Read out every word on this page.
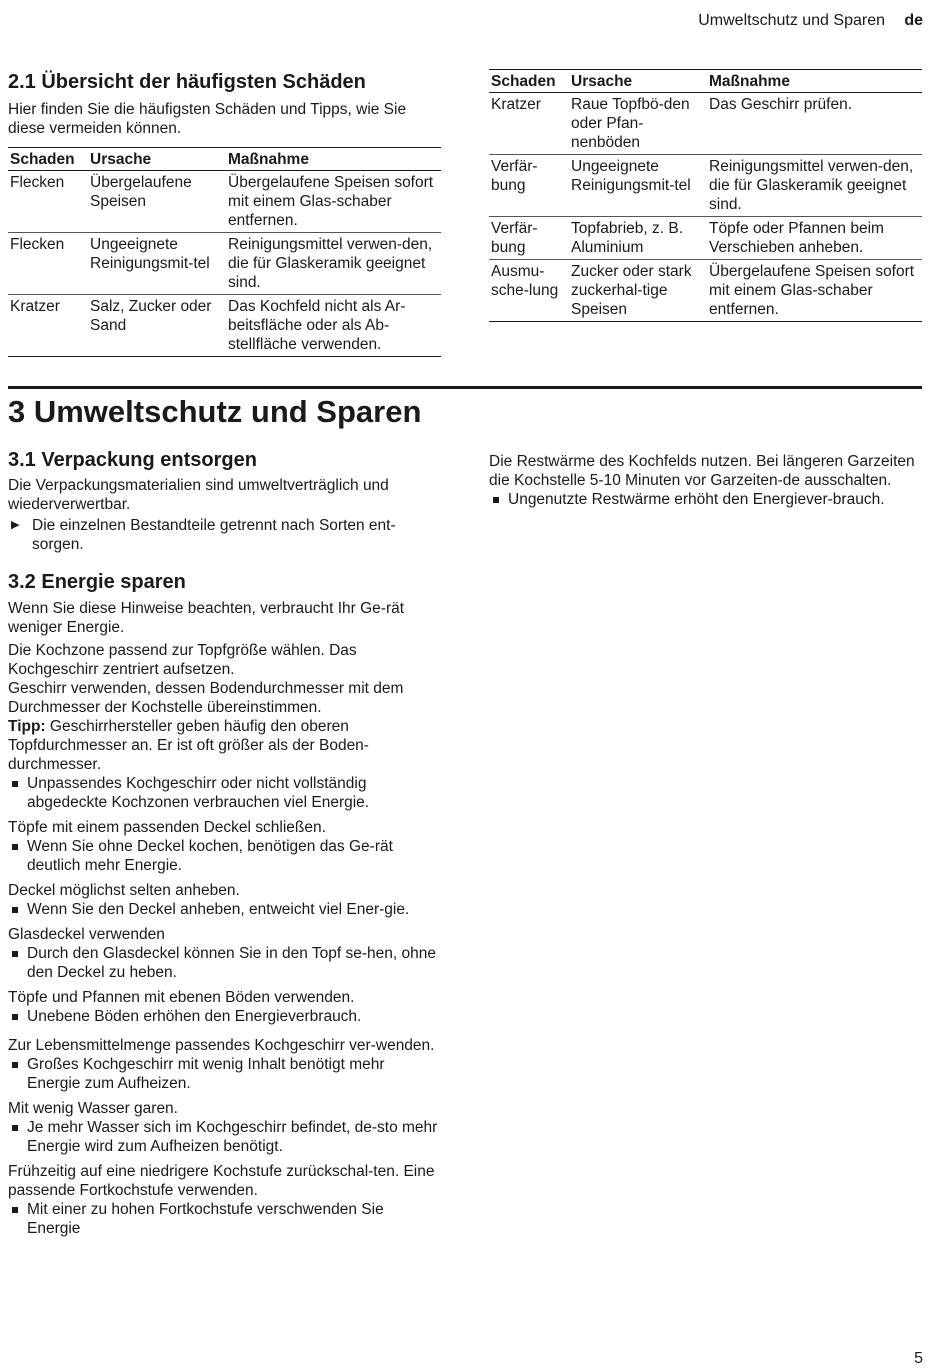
Umweltschutz und Sparen de
2.1 Übersicht der häufigsten Schäden

Hier finden Sie die häufigsten Schäden und Tipps, wie Sie diese vermeiden können.

Schaden	Ursache	Maßnahme
Flecken	Übergelaufene Speisen	Übergelaufene Speisen sofort mit einem Glas-schaber entfernen.
Flecken	Ungeeignete Reinigungsmit-tel	Reinigungsmittel verwen-den, die für Glaskeramik geeignet sind.
Kratzer	Salz, Zucker oder Sand	Das Kochfeld nicht als Ar-beitsfläche oder als Ab-stellfläche verwenden.
Schaden	Ursache	Maßnahme
Kratzer	Raue Topfbö-den oder Pfan-nenböden	Das Geschirr prüfen.
Verfär-bung	Ungeeignete Reinigungsmit-tel	Reinigungsmittel verwen-den, die für Glaskeramik geeignet sind.
Verfär-bung	Topfabrieb, z. B. Aluminium	Töpfe oder Pfannen beim Verschieben anheben.
Ausmu-sche-lung	Zucker oder stark zuckerhal-tige Speisen	Übergelaufene Speisen sofort mit einem Glas-schaber entfernen.
3 Umweltschutz und Sparen
3.1 Verpackung entsorgen

Die Verpackungsmaterialien sind umweltverträglich und wiederverwertbar.

▶ Die einzelnen Bestandteile getrennt nach Sorten ent-sorgen.
3.2 Energie sparen

Wenn Sie diese Hinweise beachten, verbraucht Ihr Ge-rät weniger Energie.

Die Kochzone passend zur Topfgröße wählen. Das Kochgeschirr zentriert aufsetzen.

Geschirr verwenden, dessen Bodendurchmesser mit dem Durchmesser der Kochstelle übereinstimmen.

Tipp: Geschirrhersteller geben häufig den oberen Topfdurchmesser an. Er ist oft größer als der Boden-durchmesser.

Unpassendes Kochgeschirr oder nicht vollständig abgedeckte Kochzonen verbrauchen viel Energie.

Töpfe mit einem passenden Deckel schließen.

Wenn Sie ohne Deckel kochen, benötigen das Ge-rät deutlich mehr Energie.

Deckel möglichst selten anheben.

Wenn Sie den Deckel anheben, entweicht viel Ener-gie.

Glasdeckel verwenden

Durch den Glasdeckel können Sie in den Topf se-hen, ohne den Deckel zu heben.

Töpfe und Pfannen mit ebenen Böden verwenden.

Unebene Böden erhöhen den Energieverbrauch.

Zur Lebensmittelmenge passendes Kochgeschirr ver-wenden.

Großes Kochgeschirr mit wenig Inhalt benötigt mehr Energie zum Aufheizen.

Mit wenig Wasser garen.

Je mehr Wasser sich im Kochgeschirr befindet, de-sto mehr Energie wird zum Aufheizen benötigt.

Frühzeitig auf eine niedrigere Kochstufe zurückschal-ten. Eine passende Fortkochstufe verwenden.

Mit einer zu hohen Fortkochstufe verschwenden Sie Energie

Die Restwärme des Kochfelds nutzen. Bei längeren Garzeiten die Kochstelle 5-10 Minuten vor Garzeiten-de ausschalten.

Ungenutzte Restwärme erhöht den Energiever-brauch.
5
